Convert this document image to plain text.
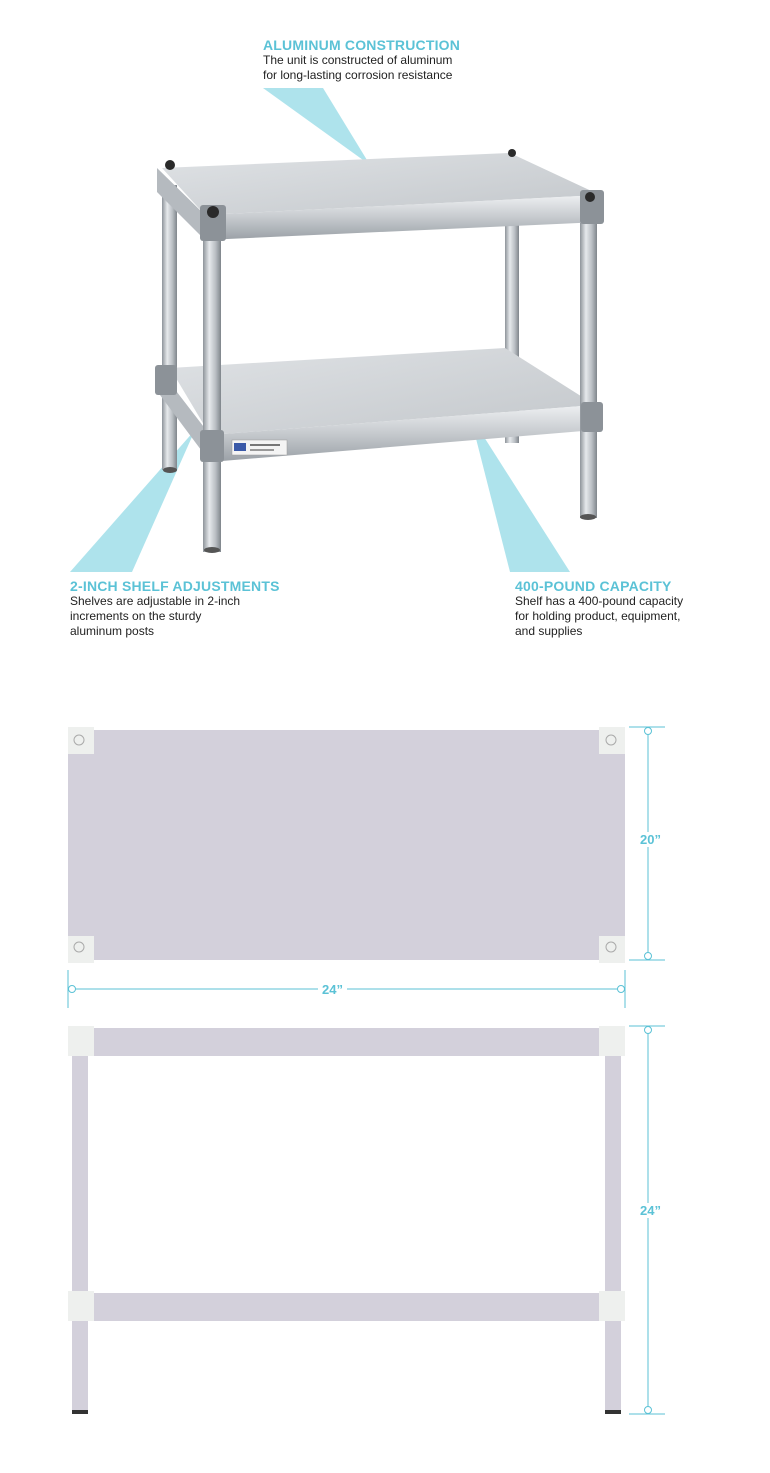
ALUMINUM CONSTRUCTION
The unit is constructed of aluminum
for long-lasting corrosion resistance
2-INCH SHELF ADJUSTMENTS
Shelves are adjustable in 2-inch
increments on the sturdy
aluminum posts
400-POUND CAPACITY
Shelf has a 400-pound capacity
for holding product, equipment,
and supplies
20”
24”
24”
